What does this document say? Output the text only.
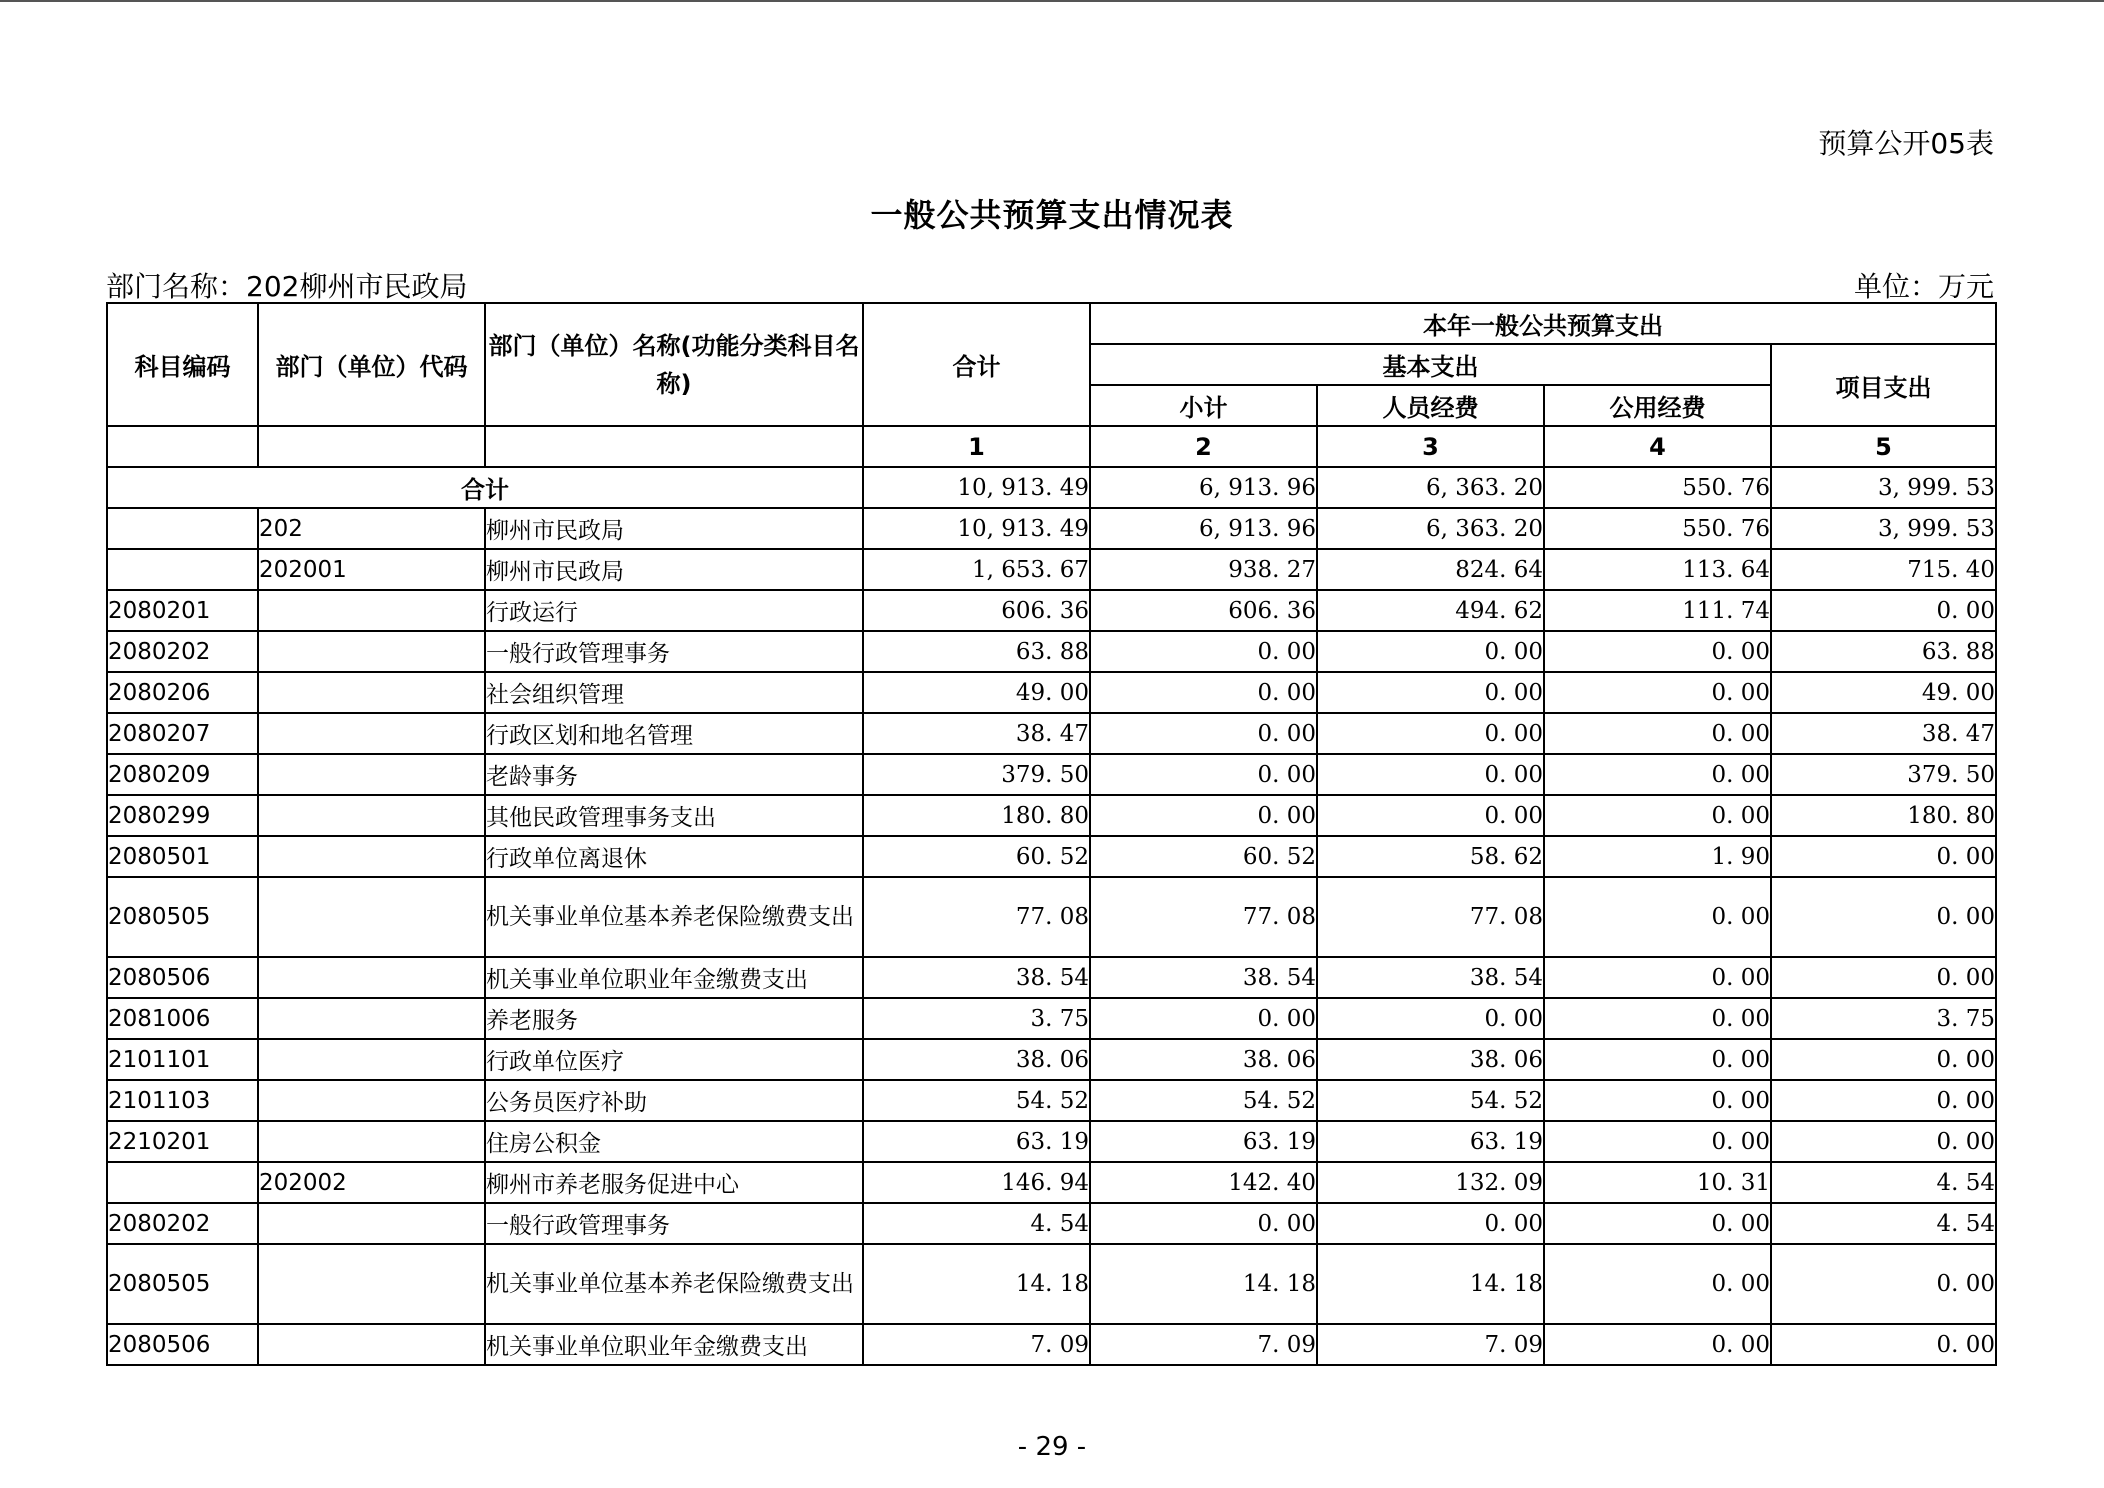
预算公开05表
一般公共预算支出情况表
部门名称：202柳州市民政局	单位：万元
科目编码	部门（单位）代码	部门（单位）名称(功能分类科目名称)	合计	本年一般公共预算支出			
				基本支出			项目支出
				小计	人员经费	公用经费	
			1	2	3	4	5
合计			10, 913. 49	6, 913. 96	6, 363. 20	550. 76	3, 999. 53
	202	柳州市民政局	10, 913. 49	6, 913. 96	6, 363. 20	550. 76	3, 999. 53
	202001	柳州市民政局	1, 653. 67	938. 27	824. 64	113. 64	715. 40
2080201		行政运行	606. 36	606. 36	494. 62	111. 74	0. 00
2080202		一般行政管理事务	63. 88	0. 00	0. 00	0. 00	63. 88
2080206		社会组织管理	49. 00	0. 00	0. 00	0. 00	49. 00
2080207		行政区划和地名管理	38. 47	0. 00	0. 00	0. 00	38. 47
2080209		老龄事务	379. 50	0. 00	0. 00	0. 00	379. 50
2080299		其他民政管理事务支出	180. 80	0. 00	0. 00	0. 00	180. 80
2080501		行政单位离退休	60. 52	60. 52	58. 62	1. 90	0. 00
2080505		机关事业单位基本养老保险缴费支出	77. 08	77. 08	77. 08	0. 00	0. 00
2080506		机关事业单位职业年金缴费支出	38. 54	38. 54	38. 54	0. 00	0. 00
2081006		养老服务	3. 75	0. 00	0. 00	0. 00	3. 75
2101101		行政单位医疗	38. 06	38. 06	38. 06	0. 00	0. 00
2101103		公务员医疗补助	54. 52	54. 52	54. 52	0. 00	0. 00
2210201		住房公积金	63. 19	63. 19	63. 19	0. 00	0. 00
	202002	柳州市养老服务促进中心	146. 94	142. 40	132. 09	10. 31	4. 54
2080202		一般行政管理事务	4. 54	0. 00	0. 00	0. 00	4. 54
2080505		机关事业单位基本养老保险缴费支出	14. 18	14. 18	14. 18	0. 00	0. 00
2080506		机关事业单位职业年金缴费支出	7. 09	7. 09	7. 09	0. 00	0. 00
- 29 -
